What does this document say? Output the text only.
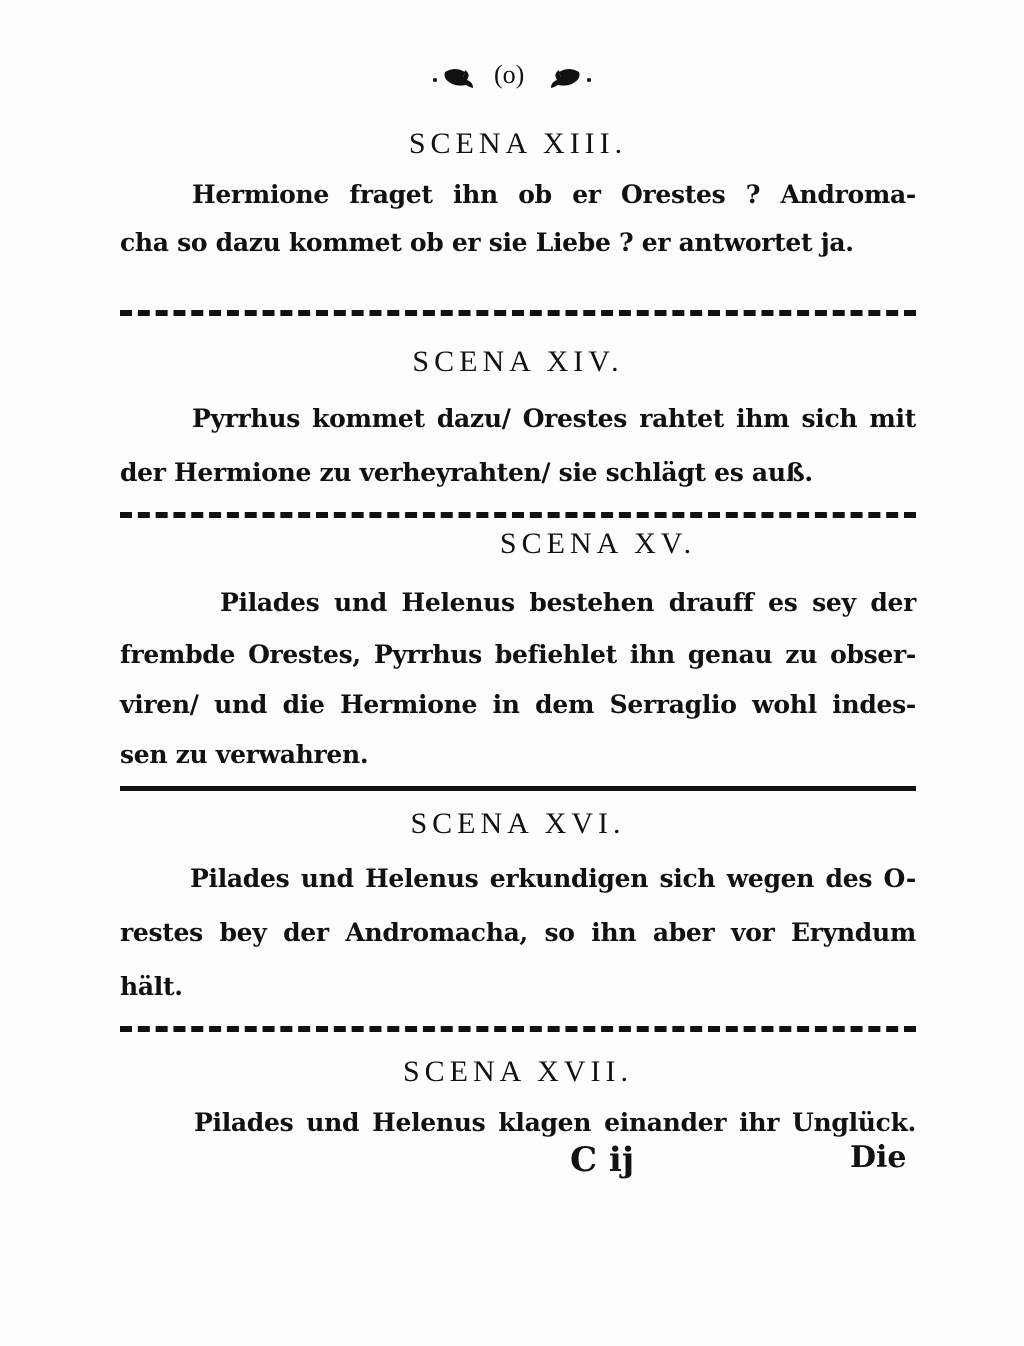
(o)

SCENA XIII.

Hermione fraget ihn ob er Orestes ? Androma-

cha so dazu kommet ob er sie Liebe ? er antwortet ja.

SCENA XIV.

Pyrrhus kommet dazu/ Orestes rahtet ihm sich mit

der Hermione zu verheyrahten/ sie schlägt es auß.

SCENA XV.

Pilades und Helenus bestehen drauff es sey der

frembde Orestes, Pyrrhus befiehlet ihn genau zu obser-

viren/ und die Hermione in dem Serraglio wohl indes-

sen zu verwahren.

SCENA XVI.

Pilades und Helenus erkundigen sich wegen des O-

restes bey der Andromacha, so ihn aber vor Eryndum

hält.

SCENA XVII.

Pilades und Helenus klagen einander ihr Unglück.

C ij	Die
